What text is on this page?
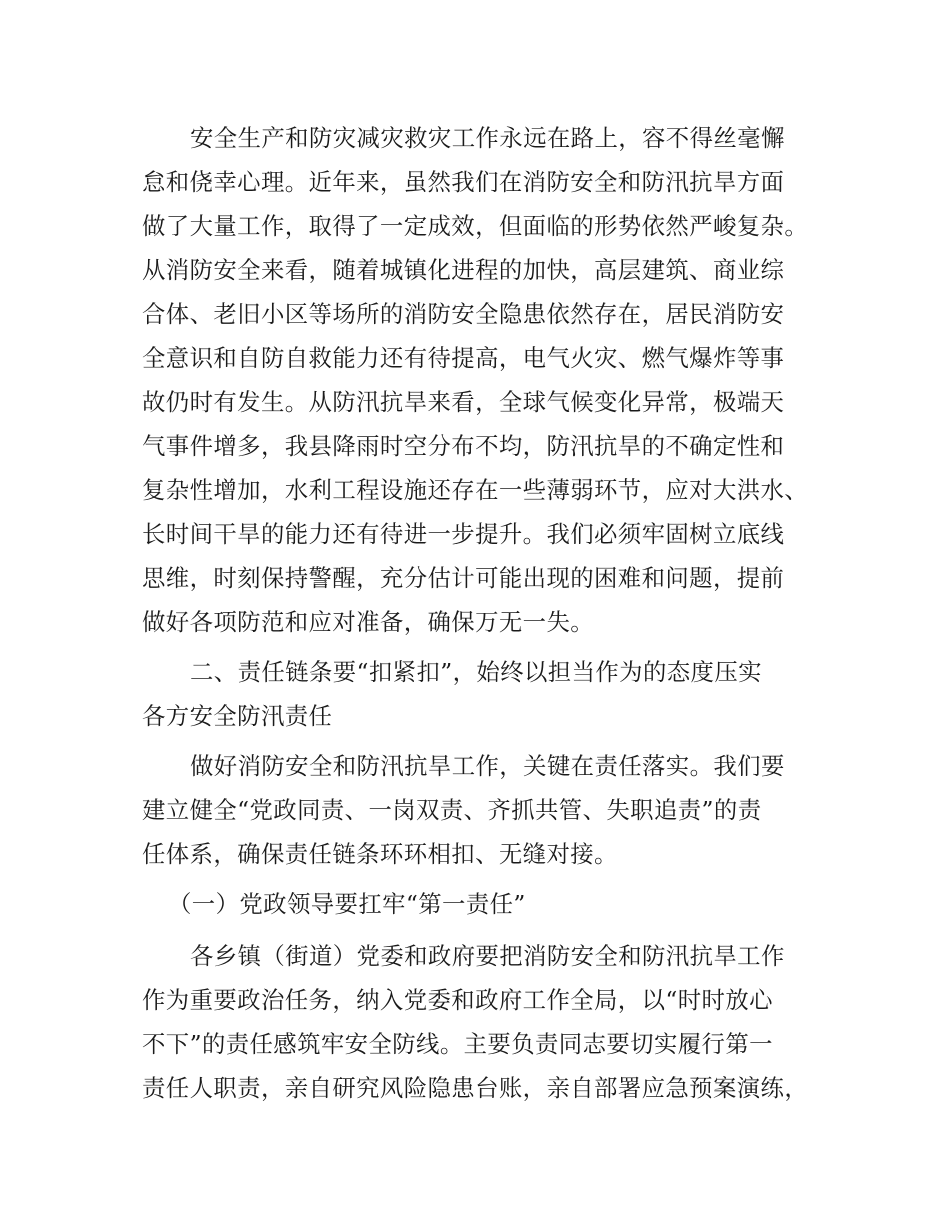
安全生产和防灾减灾救灾工作永远在路上，容不得丝毫懈
怠和侥幸心理。近年来，虽然我们在消防安全和防汛抗旱方面
做了大量工作，取得了一定成效，但面临的形势依然严峻复杂。
从消防安全来看，随着城镇化进程的加快，高层建筑、商业综
合体、老旧小区等场所的消防安全隐患依然存在，居民消防安
全意识和自防自救能力还有待提高，电气火灾、燃气爆炸等事
故仍时有发生。从防汛抗旱来看，全球气候变化异常，极端天
气事件增多，我县降雨时空分布不均，防汛抗旱的不确定性和
复杂性增加，水利工程设施还存在一些薄弱环节，应对大洪水、
长时间干旱的能力还有待进一步提升。我们必须牢固树立底线
思维，时刻保持警醒，充分估计可能出现的困难和问题，提前
做好各项防范和应对准备，确保万无一失。
二、责任链条要“扣紧扣”，始终以担当作为的态度压实
各方安全防汛责任
做好消防安全和防汛抗旱工作，关键在责任落实。我们要
建立健全“党政同责、一岗双责、齐抓共管、失职追责”的责
任体系，确保责任链条环环相扣、无缝对接。
（一）党政领导要扛牢“第一责任”
各乡镇（街道）党委和政府要把消防安全和防汛抗旱工作
作为重要政治任务，纳入党委和政府工作全局，以“时时放心
不下”的责任感筑牢安全防线。主要负责同志要切实履行第一
责任人职责，亲自研究风险隐患台账，亲自部署应急预案演练，
